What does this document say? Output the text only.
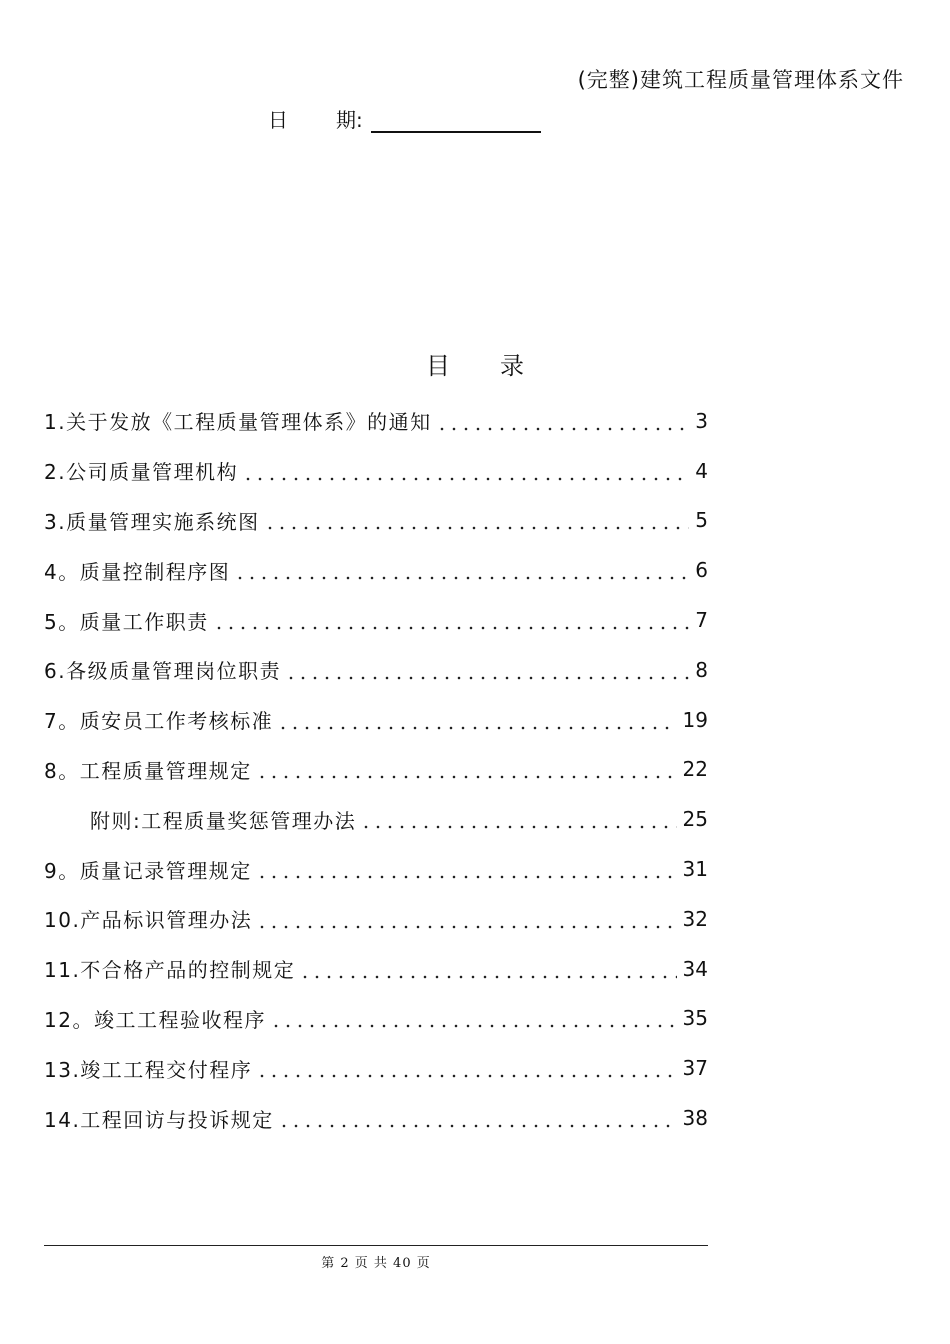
(完整)建筑工程质量管理体系文件
日 期:
目录
1.关于发放《工程质量管理体系》的通知	3
2.公司质量管理机构	4
3.质量管理实施系统图	5
4。质量控制程序图	6
5。质量工作职责	7
6.各级质量管理岗位职责	8
7。质安员工作考核标准	19
8。工程质量管理规定	22
附则:工程质量奖惩管理办法	25
9。质量记录管理规定	31
10.产品标识管理办法	32
11.不合格产品的控制规定	34
12。竣工工程验收程序	35
13.竣工工程交付程序	37
14.工程回访与投诉规定	38
第 2 页 共 40 页
